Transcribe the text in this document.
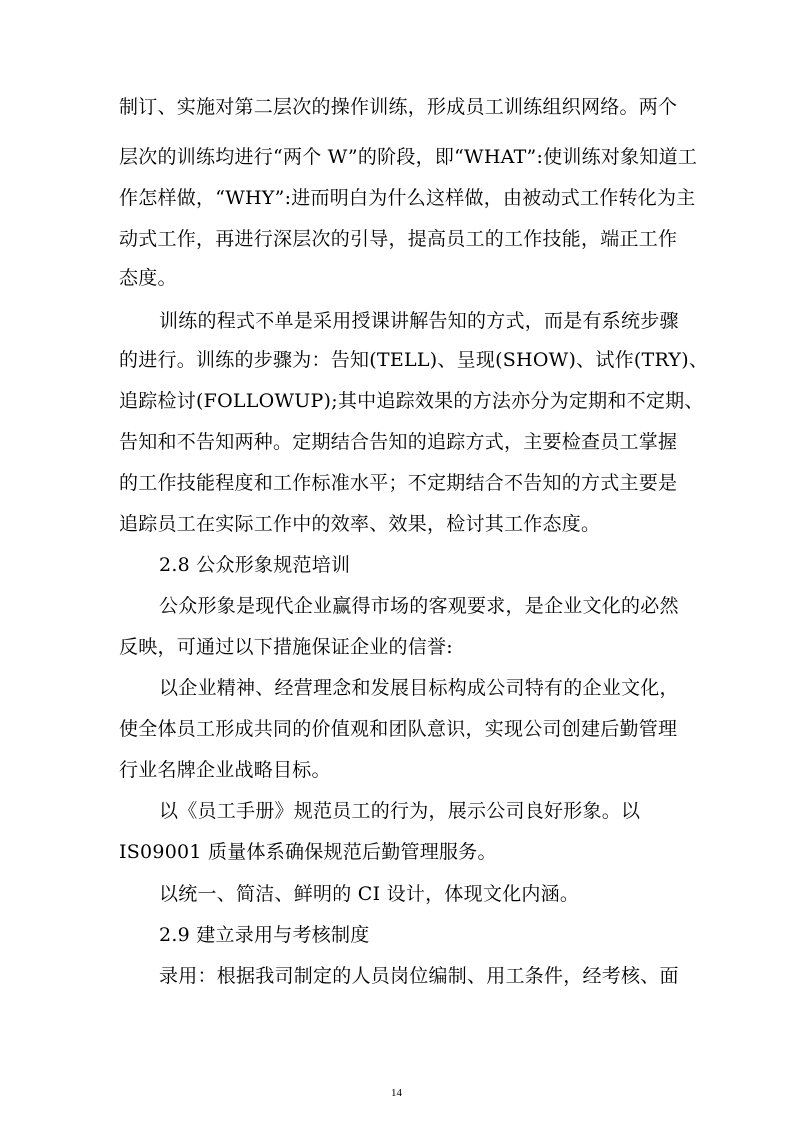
制订、实施对第二层次的操作训练，形成员工训练组织网络。两个
层次的训练均进行“两个 W”的阶段，即“WHAT”:使训练对象知道工
作怎样做，“WHY”:进而明白为什么这样做，由被动式工作转化为主
动式工作，再进行深层次的引导，提高员工的工作技能，端正工作
态度。
训练的程式不单是采用授课讲解告知的方式，而是有系统步骤
的进行。训练的步骤为：告知(TELL)、呈现(SHOW)、试作(TRY)、
追踪检讨(FOLLOWUP);其中追踪效果的方法亦分为定期和不定期、
告知和不告知两种。定期结合告知的追踪方式，主要检查员工掌握
的工作技能程度和工作标准水平；不定期结合不告知的方式主要是
追踪员工在实际工作中的效率、效果，检讨其工作态度。
2.8 公众形象规范培训
公众形象是现代企业赢得市场的客观要求，是企业文化的必然
反映，可通过以下措施保证企业的信誉:
以企业精神、经营理念和发展目标构成公司特有的企业文化，
使全体员工形成共同的价值观和团队意识，实现公司创建后勤管理
行业名牌企业战略目标。
以《员工手册》规范员工的行为，展示公司良好形象。以
IS09001 质量体系确保规范后勤管理服务。
以统一、简洁、鲜明的 CI 设计，体现文化内涵。
2.9 建立录用与考核制度
录用：根据我司制定的人员岗位编制、用工条件，经考核、面
14
